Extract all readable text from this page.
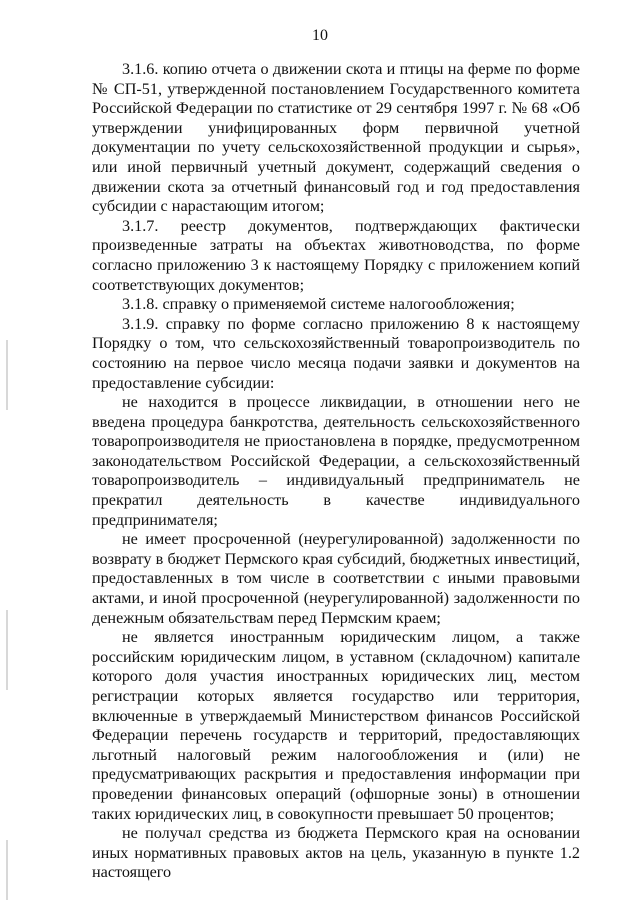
10

3.1.6. копию отчета о движении скота и птицы на ферме по форме № СП-51, утвержденной постановлением Государственного комитета Российской Федерации по статистике от 29 сентября 1997 г. № 68 «Об утверждении унифицированных форм первичной учетной документации по учету сельскохозяйственной продукции и сырья», или иной первичный учетный документ, содержащий сведения о движении скота за отчетный финансовый год и год предоставления субсидии с нарастающим итогом;

3.1.7. реестр документов, подтверждающих фактически произведенные затраты на объектах животноводства, по форме согласно приложению 3 к настоящему Порядку с приложением копий соответствующих документов;

3.1.8. справку о применяемой системе налогообложения;

3.1.9. справку по форме согласно приложению 8 к настоящему Порядку о том, что сельскохозяйственный товаропроизводитель по состоянию на первое число месяца подачи заявки и документов на предоставление субсидии:

не находится в процессе ликвидации, в отношении него не введена процедура банкротства, деятельность сельскохозяйственного товаропроизводителя не приостановлена в порядке, предусмотренном законодательством Российской Федерации, а сельскохозяйственный товаропроизводитель – индивидуальный предприниматель не прекратил деятельность в качестве индивидуального предпринимателя;

не имеет просроченной (неурегулированной) задолженности по возврату в бюджет Пермского края субсидий, бюджетных инвестиций, предоставленных в том числе в соответствии с иными правовыми актами, и иной просроченной (неурегулированной) задолженности по денежным обязательствам перед Пермским краем;

не является иностранным юридическим лицом, а также российским юридическим лицом, в уставном (складочном) капитале которого доля участия иностранных юридических лиц, местом регистрации которых является государство или территория, включенные в утверждаемый Министерством финансов Российской Федерации перечень государств и территорий, предоставляющих льготный налоговый режим налогообложения и (или) не предусматривающих раскрытия и предоставления информации при проведении финансовых операций (офшорные зоны) в отношении таких юридических лиц, в совокупности превышает 50 процентов;

не получал средства из бюджета Пермского края на основании иных нормативных правовых актов на цель, указанную в пункте 1.2 настоящего
